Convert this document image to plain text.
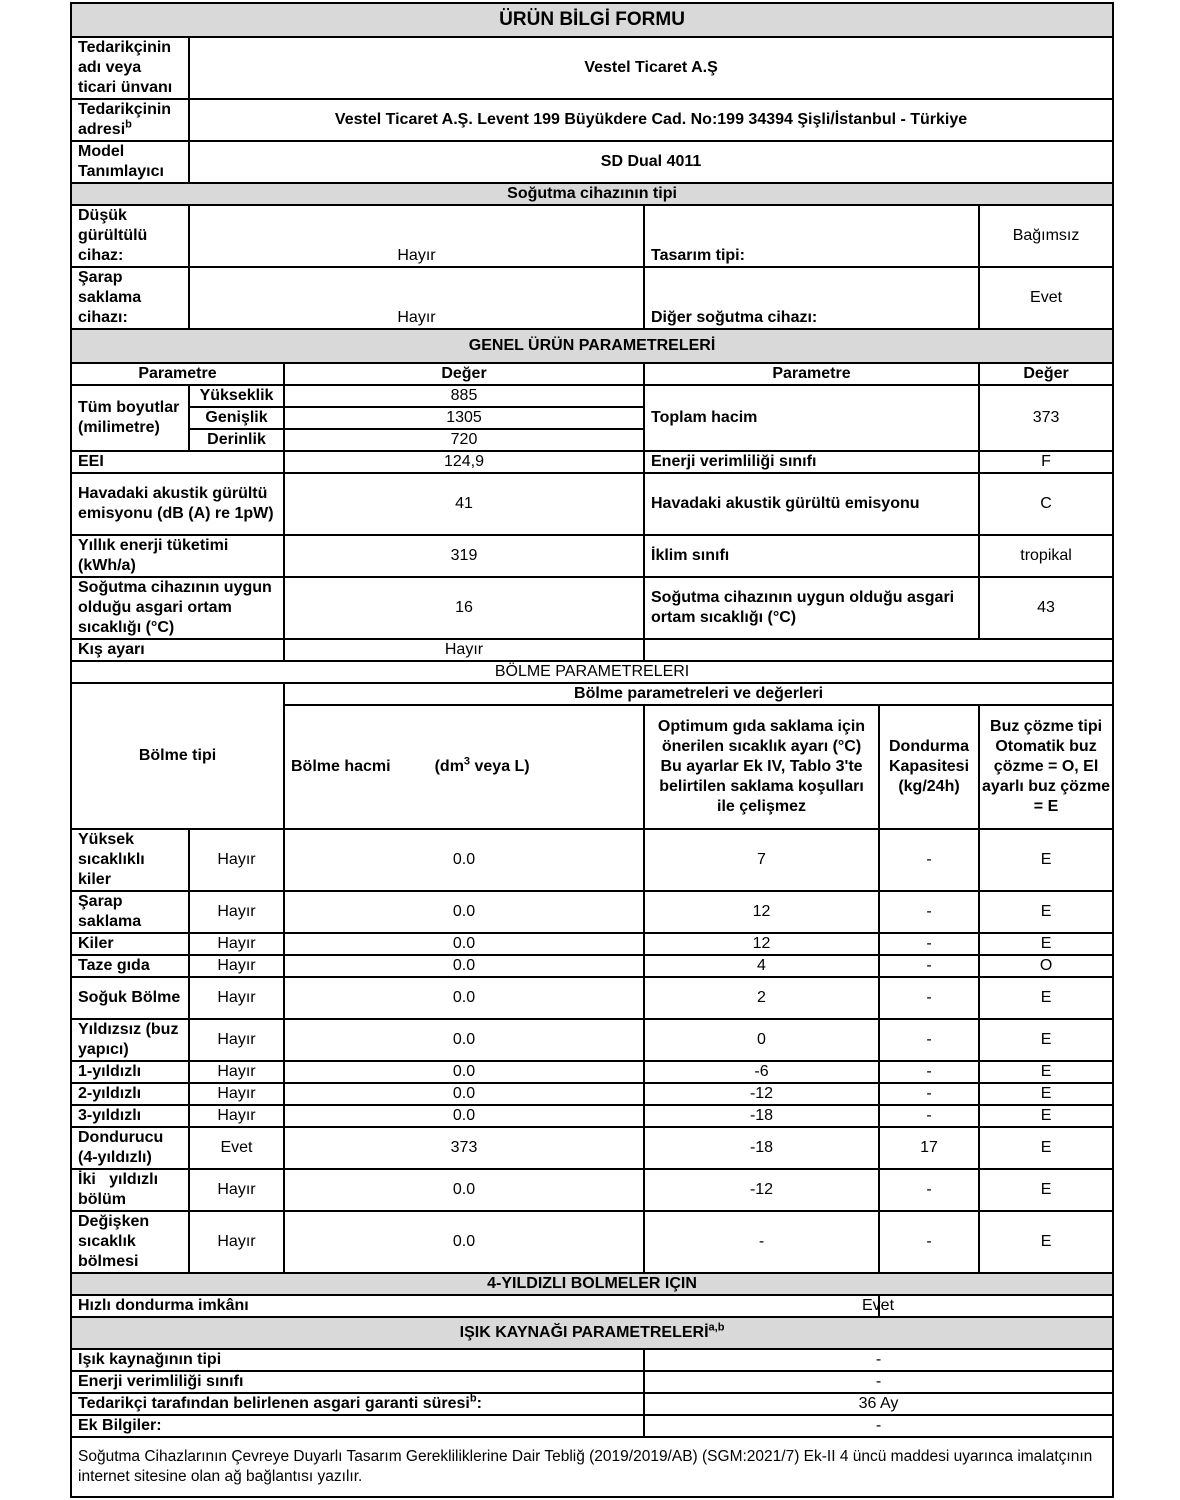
ÜRÜN BİLGİ FORMU					
Tedarikçinin adı veya ticari ünvanı	Vestel Ticaret A.Ş				
Tedarikçinin adresi$^b$	Vestel Ticaret A.Ş. Levent 199 Büyükdere Cad. No:199 34394 Şişli/İstanbul - Türkiye				
Model Tanımlayıcı	SD Dual 4011				
Soğutma cihazının tipi					
Düşük gürültülü cihaz:	Hayır		Tasarım tipi:		Bağımsız
Şarap saklama cihazı:	Hayır		Diğer soğutma cihazı:		Evet
GENEL ÜRÜN PARAMETRELERİ					
Parametre		Değer	Parametre		Değer
Tüm boyutlar (milimetre)	Yükseklik	885	Toplam hacim		373
	Genişlik	1305			
	Derinlik	720			
EEI		124,9	Enerji verimliliği sınıfı		F
Havadaki akustik gürültü emisyonu (dB (A) re 1pW)		41	Havadaki akustik gürültü emisyonu		C
Yıllık enerji tüketimi (kWh/a)		319	İklim sınıfı		tropikal
Soğutma cihazının uygun olduğu asgari ortam sıcaklığı (°C)		16	Soğutma cihazının uygun olduğu asgari ortam sıcaklığı (°C)		43
Kış ayarı		Hayır			
BÖLME PARAMETRELERI					
Bölme tipi		Bölme parametreleri ve değerleri			
		Bölme hacmi ($dm^3$ veya L)	Optimum gıda saklama için önerilen sıcaklık ayarı (°C) Bu ayarlar Ek IV, Tablo 3'te belirtilen saklama koşulları ile çelişmez	Dondurma Kapasitesi (kg/24h)	Buz çözme tipi Otomatik buz çözme = O, El ayarlı buz çözme = E
Yüksek sıcaklıklı kiler	Hayır	0.0	7	-	E
Şarap saklama	Hayır	0.0	12	-	E
Kiler	Hayır	0.0	12	-	E
Taze gıda	Hayır	0.0	4	-	O
Soğuk Bölme	Hayır	0.0	2	-	E
Yıldızsız (buz yapıcı)	Hayır	0.0	0	-	E
1-yıldızlı	Hayır	0.0	-6	-	E
2-yıldızlı	Hayır	0.0	-12	-	E
3-yıldızlı	Hayır	0.0	-18	-	E
Dondurucu (4-yıldızlı)	Evet	373	-18	17	E
İki   yıldızlı bölüm	Hayır	0.0	-12	-	E
Değişken sıcaklık bölmesi	Hayır	0.0	-	-	E
4-YILDIZLI BOLMELER IÇIN					
Hızlı dondurma imkânı				Evet	
IŞIK KAYNAĞI PARAMETRELERİ$^{a,b}$
Işık kaynağının tipi			-		
Enerji verimliliği sınıfı			-		
Tedarikçi tarafından belirlenen asgari garanti süresi$^b$:			36 Ay		
Ek Bilgiler:			-		
Soğutma Cihazlarının Çevreye Duyarlı Tasarım Gerekliliklerine Dair Tebliğ (2019/2019/AB) (SGM:2021/7) Ek-II 4 üncü maddesi uyarınca imalatçının internet sitesine olan ağ bağlantısı yazılır.					
